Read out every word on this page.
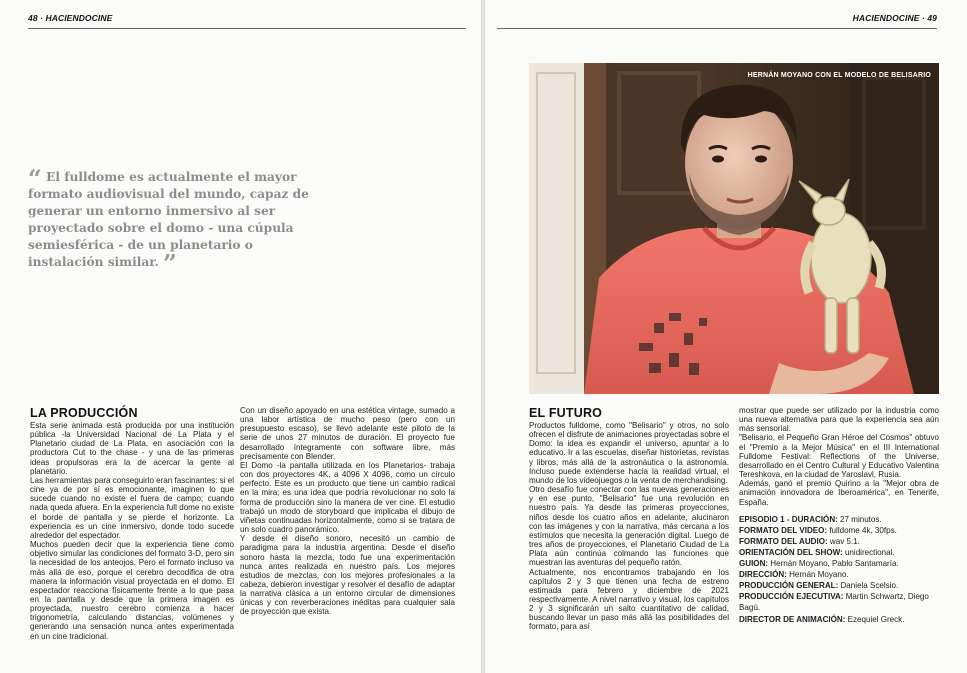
48 · HACIENDOCINE
“ El fulldome es actualmente el mayor formato audiovisual del mundo, capaz de generar un entorno inmersivo al ser proyectado sobre el domo - una cúpula semiesférica - de un planetario o instalación similar. ”
LA PRODUCCIÓN

Esta serie animada está producida por una institución pública -la Universidad Nacional de La Plata y el Planetario ciudad de La Plata, en asociación con la productora Cut to the chase - y una de las primeras ideas propulsoras era la de acercar la gente al planetario.

Las herramientas para conseguirlo eran fascinantes: si el cine ya de por sí es emocionante, imaginen lo que sucede cuando no existe el fuera de campo; cuando nada queda afuera. En la experiencia full dome no existe el borde de pantalla y se pierde el horizonte. La experiencia es un cine inmersivo, donde todo sucede alrededor del espectador.

Muchos pueden decir que la experiencia tiene como objetivo simular las condiciones del formato 3-D, pero sin la necesidad de los anteojos. Pero el formato incluso va más allá de eso, porque el cerebro decodifica de otra manera la información visual proyectada en el domo. El espectador reacciona físicamente frente a lo que pasa en la pantalla y desde que la primera imagen es proyectada, nuestro cerebro comienza a hacer trigonometría, calculando distancias, volúmenes y generando una sensación nunca antes experimentada en un cine tradicional.

Con un diseño apoyado en una estética vintage, sumado a una labor artística de mucho peso (pero con un presupuesto escaso), se llevó adelante este piloto de la serie de unos 27 minutos de duración. El proyecto fue desarrollado íntegramente con software libre, más precisamente con Blender.

El Domo -la pantalla utilizada en los Planetarios- trabaja con dos proyectores 4K, a 4096 X 4096, como un círculo perfecto. Este es un producto que tiene un cambio radical en la mira; es una idea que podría revolucionar no solo la forma de producción sino la manera de ver cine. El estudio trabajó un modo de storyboard que implicaba el dibujo de viñetas continuadas horizontalmente, como si se tratara de un solo cuadro panorámico.

Y desde el diseño sonoro, necesitó un cambio de paradigma para la industria argentina. Desde el diseño sonoro hasta la mezcla, todo fue una experimentación nunca antes realizada en nuestro país. Los mejores estudios de mezclas, con los mejores profesionales a la cabeza, debieron investigar y resolver el desafío de adaptar la narrativa clásica a un entorno circular de dimensiones únicas y con reverberaciones inéditas para cualquier sala de proyección que exista.

HACIENDOCINE · 49
HERNÁN MOYANO CON EL MODELO DE BELISARIO
EL FUTURO

Productos fulldome, como "Belisario" y otros, no solo ofrecen el disfrute de animaciones proyectadas sobre el Domo: la idea es expandir el universo, apuntar a lo educativo. Ir a las escuelas, diseñar historietas, revistas y libros, más allá de la astronáutica o la astronomía. Incluso puede extenderse hacia la realidad virtual, el mundo de los videojuegos o la venta de merchandising.

Otro desafío fue conectar con las nuevas generaciones y en ese punto, "Belisario" fue una revolución en nuestro país. Ya desde las primeras proyecciones, niños desde los cuatro años en adelante, alucinaron con las imágenes y con la narrativa, más cercana a los estímulos que necesita la generación digital. Luego de tres años de proyecciones, el Planetario Ciudad de La Plata aún continúa colmando las funciones que muestran las aventuras del pequeño ratón.

Actualmente, nos encontramos trabajando en los capítulos 2 y 3 que tienen una fecha de estreno estimada para febrero y diciembre de 2021 respectivamente. A nivel narrativo y visual, los capítulos 2 y 3 significarán un salto cuantitativo de calidad, buscando llevar un paso más allá las posibilidades del formato, para así

mostrar que puede ser utilizado por la industria como una nueva alternativa para que la experiencia sea aún más sensorial.

"Belisario, el Pequeño Gran Héroe del Cosmos" obtuvo el "Premio a la Mejor Música" en el III International Fulldome Festival: Reflections of the Universe, desarrollado en el Centro Cultural y Educativo Valentina Tereshkova, en la ciudad de Yaroslavl, Rusia.

Además, ganó el premio Quirino a la "Mejor obra de animación innovadora de Iberoamérica", en Tenerife, España.

EPISODIO 1 - DURACIÓN: 27 minutos.
FORMATO DEL VIDEO: fulldome 4k, 30fps.
FORMATO DEL AUDIO: wav 5.1.
ORIENTACIÓN DEL SHOW: unidirectional.
GUION: Hernán Moyano, Pablo Santamaría.
DIRECCIÓN: Hernán Moyano.
PRODUCCIÓN GENERAL: Daniela Scelsio.
PRODUCCIÓN EJECUTIVA: Martin Schwartz, Diego Bagú.
DIRECTOR DE ANIMACIÓN: Ezequiel Greck.
